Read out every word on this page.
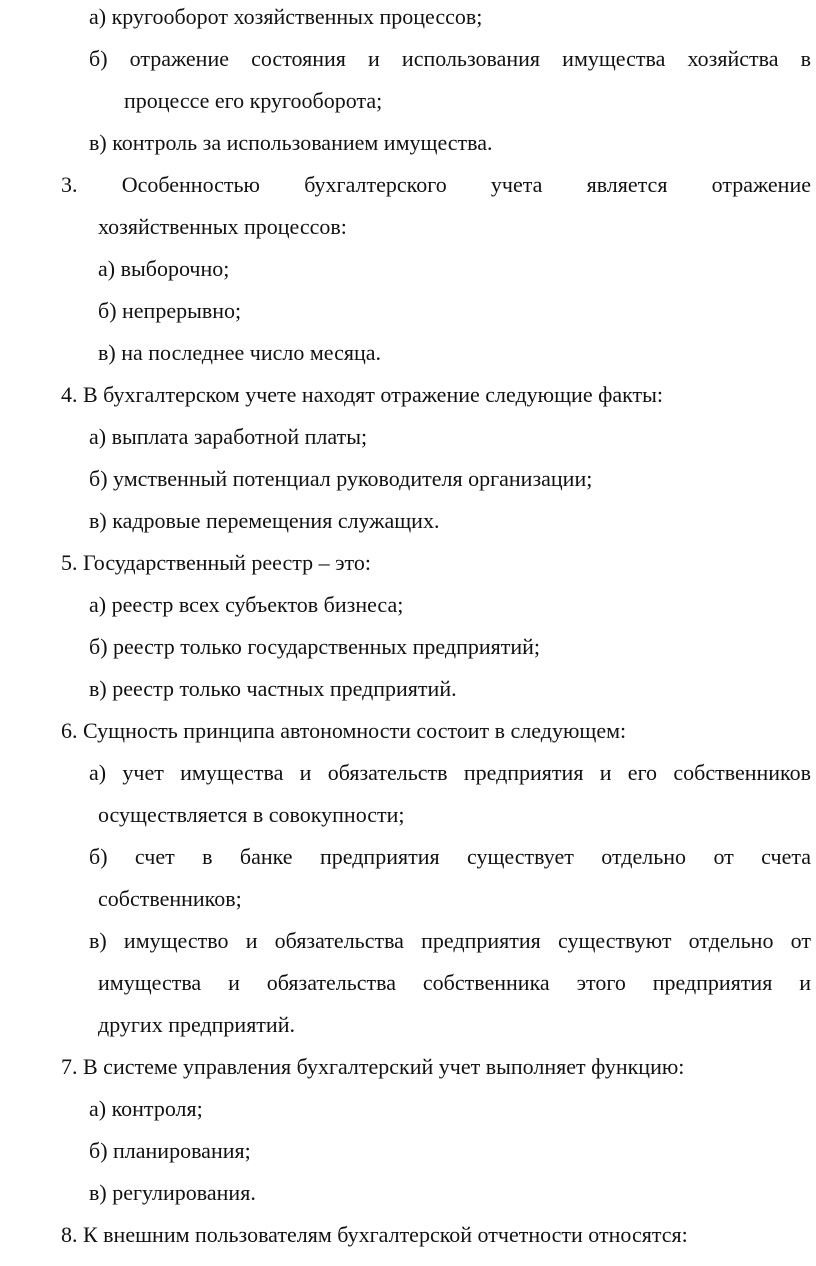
а) кругооборот хозяйственных процессов;
б) отражение состояния и использования имущества хозяйства в
процессе его кругооборота;
в) контроль за использованием имущества.
3. Особенностью бухгалтерского учета является отражение
хозяйственных процессов:
а) выборочно;
б) непрерывно;
в) на последнее число месяца.
4. В бухгалтерском учете находят отражение следующие факты:
а) выплата заработной платы;
б) умственный потенциал руководителя организации;
в) кадровые перемещения служащих.
5. Государственный реестр – это:
а) реестр всех субъектов бизнеса;
б) реестр только государственных предприятий;
в) реестр только частных предприятий.
6. Сущность принципа автономности состоит в следующем:
а) учет имущества и обязательств предприятия и его собственников
осуществляется в совокупности;
б) счет в банке предприятия существует отдельно от счета
собственников;
в) имущество и обязательства предприятия существуют отдельно от
имущества и обязательства собственника этого предприятия и
других предприятий.
7. В системе управления бухгалтерский учет выполняет функцию:
а) контроля;
б) планирования;
в) регулирования.
8. К внешним пользователям бухгалтерской отчетности относятся:
